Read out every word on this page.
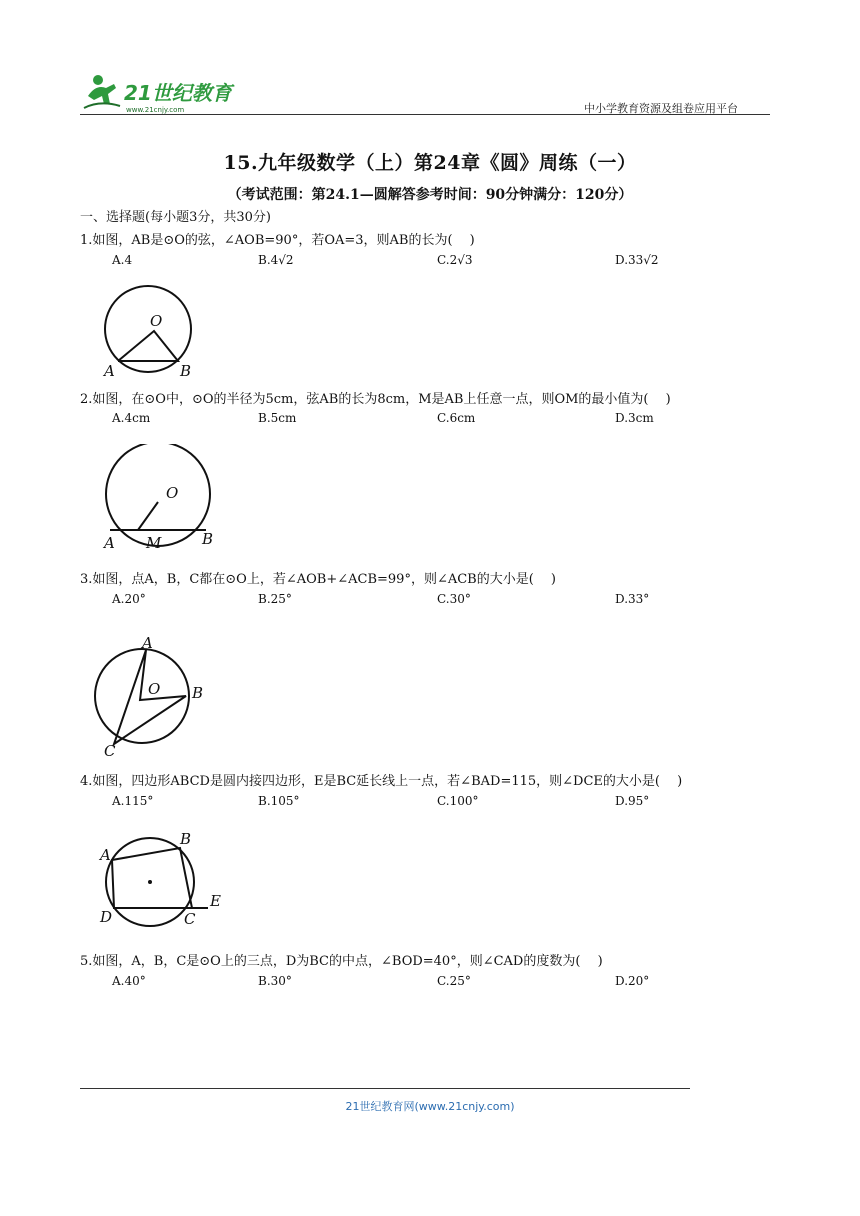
21世纪教育
www.21cnjy.com	中小学教育资源及组卷应用平台
15.九年级数学（上）第24章《圆》周练（一）
（考试范围：第24.1—圆解答参考时间：90分钟满分：120分）
一、选择题(每小题3分，共30分)
1.如图，AB是⊙O的弦，∠AOB=90°，若OA=3，则AB的长为(　 )
A.4	B.4√2	C.2√3	D.33√2
O
A	B
2.如图，在⊙O中，⊙O的半径为5cm，弦AB的长为8cm，M是AB上任意一点，则OM的最小值为(　 )
A.4cm	B.5cm	C.6cm	D.3cm
O
A M	B
3.如图，点A，B，C都在⊙O上，若∠AOB+∠ACB=99°，则∠ACB的大小是(　 )
A.20°	B.25°	C.30°	D.33°
A
O B
C
4.如图，四边形ABCD是圆内接四边形，E是BC延长线上一点，若∠BAD=115，则∠DCE的大小是(　 )
A.115°	B.105°	C.100°	D.95°
A
B
D	C
E
5.如图，A，B，C是⊙O上的三点，D为BC的中点，∠BOD=40°，则∠CAD的度数为(　 )
A.40°	B.30°	C.25°	D.20°
21世纪教育网(www.21cnjy.com)
